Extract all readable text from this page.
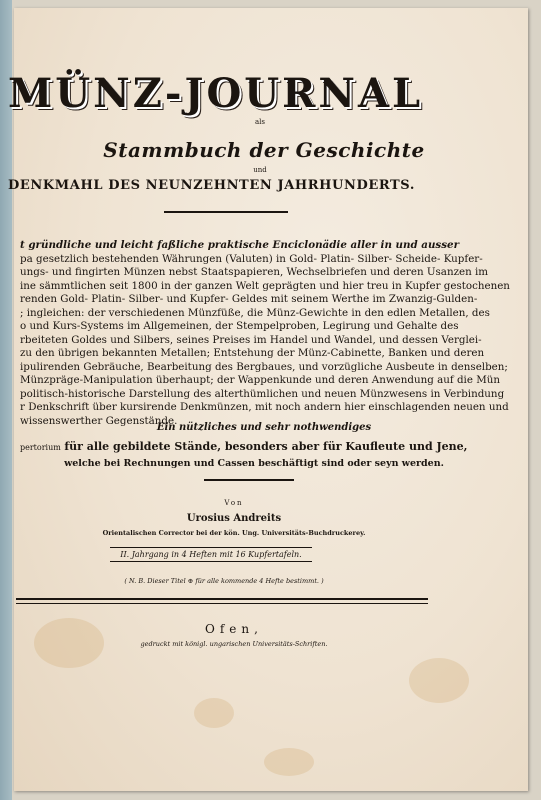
MÜNZ-JOURNAL
als
Stammbuch der Geschichte
und
DENKMAHL DES NEUNZEHNTEN JAHRHUNDERTS.
t gründliche und leicht faßliche praktische Encicloпädie aller in und ausser
pa gesetzlich bestehenden Währungen (Valuten) in Gold- Platin- Silber- Scheide- Kupfer-
ungs- und fingirten Münzen nebst Staatspapieren, Wechselbriefen und deren Usanzen im
ine sämmtlichen seit 1800 in der ganzen Welt geprägten und hier treu in Kupfer gestochenen
renden Gold- Platin- Silber- und Kupfer- Geldes mit seinem Werthe im Zwanzig-Gulden-
; ingleichen: der verschiedenen Münzfüße, die Münz-Gewichte in den edlen Metallen, des
o und Kurs-Systems im Allgemeinen, der Stempelproben, Legirung und Gehalte des
rbeiteten Goldes und Silbers, seines Preises im Handel und Wandel, und dessen Verglei-
zu den übrigen bekannten Metallen; Entstehung der Münz-Cabinette, Banken und deren
ipulirenden Gebräuche, Bearbeitung des Bergbaues, und vorzügliche Ausbeute in denselben;
Münzpräge-Manipulation überhaupt; der Wappenkunde und deren Anwendung auf die Mün
politisch-historische Darstellung des alterthümlichen und neuen Münzwesens in Verbindung
r Denkschrift über kursirende Denkmünzen, mit noch andern hier einschlagenden neuen und
wissenswerther Gegenstände.
Ein nützliches und sehr nothwendiges
pertorium für alle gebildete Stände, besonders aber für Kaufleute und Jene,
welche bei Rechnungen und Cassen beschäftigt sind oder seyn werden.
Von
Urosius Andreits
Orientalischen Corrector bei der kön. Ung. Universitäts-Buchdruckerey.
II. Jahrgang in 4 Heften mit 16 Kupfertafeln.
( N. B. Dieser Titel ⊕ für alle kommende 4 Hefte bestimmt. )
Ofen,
gedruckt mit königl. ungarischen Universitäts-Schriften.
